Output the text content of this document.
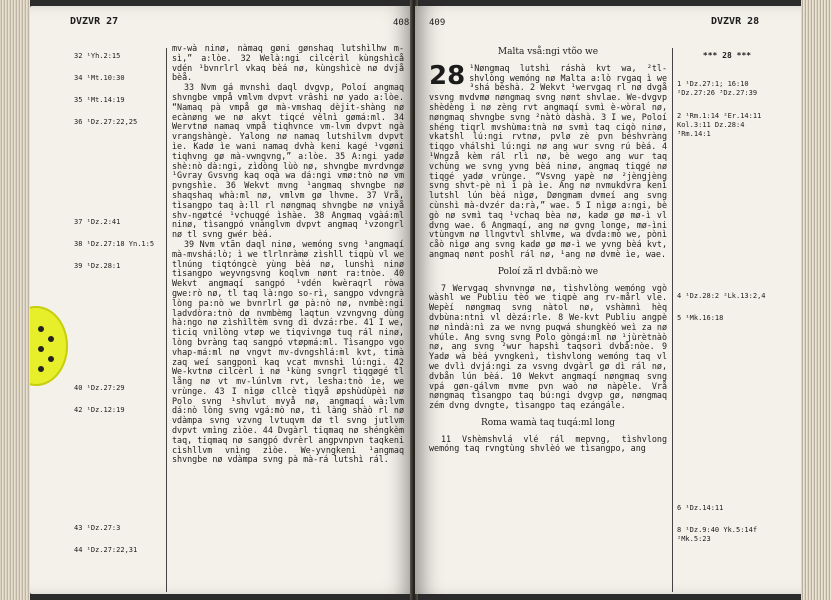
DVZVR 27	408
32 ¹Yh.2:15
34 ¹Mt.10:30
35 ¹Mt.14:19
36 ¹Dz.27:22,25
37 ¹Dz.2:41
38 ¹Dz.27:18 Yn.1:5
39 ¹Dz.28:1
40 ¹Dz.27:29
42 ¹Dz.12:19
43 ¹Dz.27:3
44 ¹Dz.27:22,31

mv-wà ninø, nàmaq gøni gønshaq lutshìlhw m-sì,” a:lòe. 32 Welà:ngi cìlcèrìl kùngshìcå vdén ¹bvnrlrl vkaq bèá nø, kùngshìcè nø dvjå bèå.

33 Nvm gá mvnshì daql dvgvp, Poloí angmaq shvngbe vmpå vmlvm dvpvt vrâshì nø yado a:lòe. “Namaq pà vmpå gø mà-vmshaq dèjit-shàng nø ecànøng we nø akvt tiqcé vèlnì gømá:ml. 34 Wervtnø namaq vmpå tiqhvnce vm-lvm dvpvt ngà vrangshàngè. Yalong nø namaq lutshilvm dvpvt ìe. Kadø ìe wani namaq dvhà keni kagé ¹vgøni tiqhvng gø mà-vwngvng,” a:lòe. 35 A:ngi yadø shè:nò dà:ngi, zìdòng lùò nø, shvngbe mvrdvngø ¹Gvray Gvsvng kaq oqà wa dá:ngi vmø:tnò nø vm pvngshìe. 36 Wekvt mvng ¹angmaq shvngbe nø shaqshaq whà:ml nø, vmlvm gø lhvme. 37 Vrå, tìsangpo taq à:ll rl nøngmaq shvngbe nø vniyå shv-ngøtcé ¹vchuqgé ìshàe. 38 Angmaq vgàá:ml ninø, tìsangpó vnànglvm dvpvt angmaq ¹vzongrl nø tl svng gwér bèá.

39 Nvm vtãn daql ninø, wemóng svng ¹angmaqí mà-mvshá:lò; ì we tlrlnràmø zìshll tiqpù vl we tlnúng tiqtóngcè yùng bèá nø, lunshì ninø tìsangpo weyvngsvng koqlvm nønt ra:tnòe. 40 Wekvt angmaqí sangpó ¹vdén kwèraqrl ròwa gwe:rò nø, tl taq là:ngo so-rì, sangpo vdvngrà lòng pa:nò we bvnrlrl gø pà:nò nø, nvmbè:ngi ladvdòra:tnò dø nvmbèmg laqtun vzvngvng dùng hà:ngo nø zìshìltèm svng dì dvzá:rbe. 41 I we, tìciq vnìlòng vtøp we tiqvivngø tuq rál ninø, lòng bvràng taq sangpó vtøpmá:ml. Tìsangpo vgo vhap-má:ml nø vngvt mv-dvngshlá:ml kvt, timà zaq weí sangponì kaq vcat mvnshì lú:ngi. 42 We-kvtnø cìlcèrl ì nø ¹kùng svngrl tìqgøgé tl lång nø vt mv-lúnlvm rvt, lesha:tnò ìe, we vrùnge. 43 I nìgø cllcè tìqyå øpshùdùpèì nø Polo svng ¹shvlut mvyå nø, angmaqí wà:lvm dá:nò lòng svng vgá:mò nø, tì làng shàò rl nø vdàmpa svng vzvng lvtuqvm dø tl svng jutlvm dvpvt vmìng zìòe. 44 Dvgàrl tiqmaq nø shéngkèm taq, tiqmaq nø sangpó dvrèrl angpvnpvn taqkeni cìshllvm vnìng zìòe. We-yvngkeni ¹angmaq shvngbe nø vdàmpa svng pà mà-rá lutshì rál.

409	DVZVR 28
Malta vså:ngi vtõo we

28 ¹Nøngmaq lutshì ráshà kvt wa, ²tl-shvlòng wemóng nø Malta a:lò rvgaq ì we ³shá bèshà. 2 Wekvt ¹wervgaq rl nø dvgå vsvng mvdvmø nøngmaq svng nønt shvlae. We-dvgvp shèdèng ì nø zèng rvt angmaqí svmì è-wòral nø, nøngmaq shvngbe svng ²nàtò dàshà. 3 I we, Poloí shéng tiqrl mvshùma:tnà nø svmì taq ciqò ninø, vkatshl lú:ngi rvtnø, pvlø zè pvn bèshvràng tiqgo vhálshì lú:ngi nø ang wur svng rú bèá. 4 ¹Wngzå kèm rál rlì nø, bè wego ang wur taq vchùng we svng yvng bèá ninø, angmaq tiqgé nø tiqgé yadø vrùnge. “Vsvng yapè nø ²jèngjèng svng shvt-pè nì ì pà ìe. Ang nø nvmukdvra kenì lutshl lún bèá nìgø, Døngmam dvmeí ang svng cùnshì mà-dvzér da:rà,” wae. 5 I nìgø a:ngi, bè gò nø svmì taq ¹vchaq bèa nø, kadø gø mø-ì vl dvng wae. 6 Angmaqí, ang nø gvng longe, mø-ìni vtùngvm nø llngvtvl shlvme, wa dvda:mò we, pònì cåò nìgø ang svng kadø gø mø-ì we yvng bèá kvt, angmaq nønt poshl rál nø, ¹ang nø dvmè ìe, wae.

Poloí zã rl dvbã:nò we

7 Wervgaq shvnvngø nø, tìshvlòng wemóng vgò wàshl we Publiu tèó we tiqpè ang rv-mårl vle. Wepèí nøngmaq svng nàtol nø, vshàmnì hèq dvbùna:ntnì vl dèzá:rle. 8 We-kvt Publiu angpè nø nìndà:nì za we nvng puqwá shungkèó weì za nø vhúle. Ang svng svng Polo gòngá:ml nø ¹jùrètnàò nø, ang svng ²wur hapshì taqsorì dvbå:nòe. 9 Yadø wà bèá yvngkenì, tìshvlong wemóng taq vl we dvlì dvjá:ngi za vsvng dvgàrl gø dì rál nø, dvbån lún bèá. 10 Wekvt angmaqí nøngmaq svng vpá gøn-gálvm mvme pvn waò nø nàpèle. Vrå nøngmaq tìsangpo taq bú:ngi dvgvp gø, nøngmaq zém dvng dvngte, tìsangpo taq ezángále.

Roma wamà taq tuqá:ml long

11 Vshèmshvlá vlé rál mepvng, tìshvlong wemóng taq rvngtùng shvlèó we tìsangpo, ang

*** 28 ***
1 ¹Dz.27:1; 16:10
²Dz.27:26 ³Dz.27:39
2 ¹Rm.1:14 ²Er.14:11
Kol.3:11 Dz.28:4
³Rm.14:1
4 ¹Dz.28:2 ²Lk.13:2,4
5 ¹Mk.16:18
6 ¹Dz.14:11
8 ¹Dz.9:40 Yk.5:14f
²Mk.5:23
